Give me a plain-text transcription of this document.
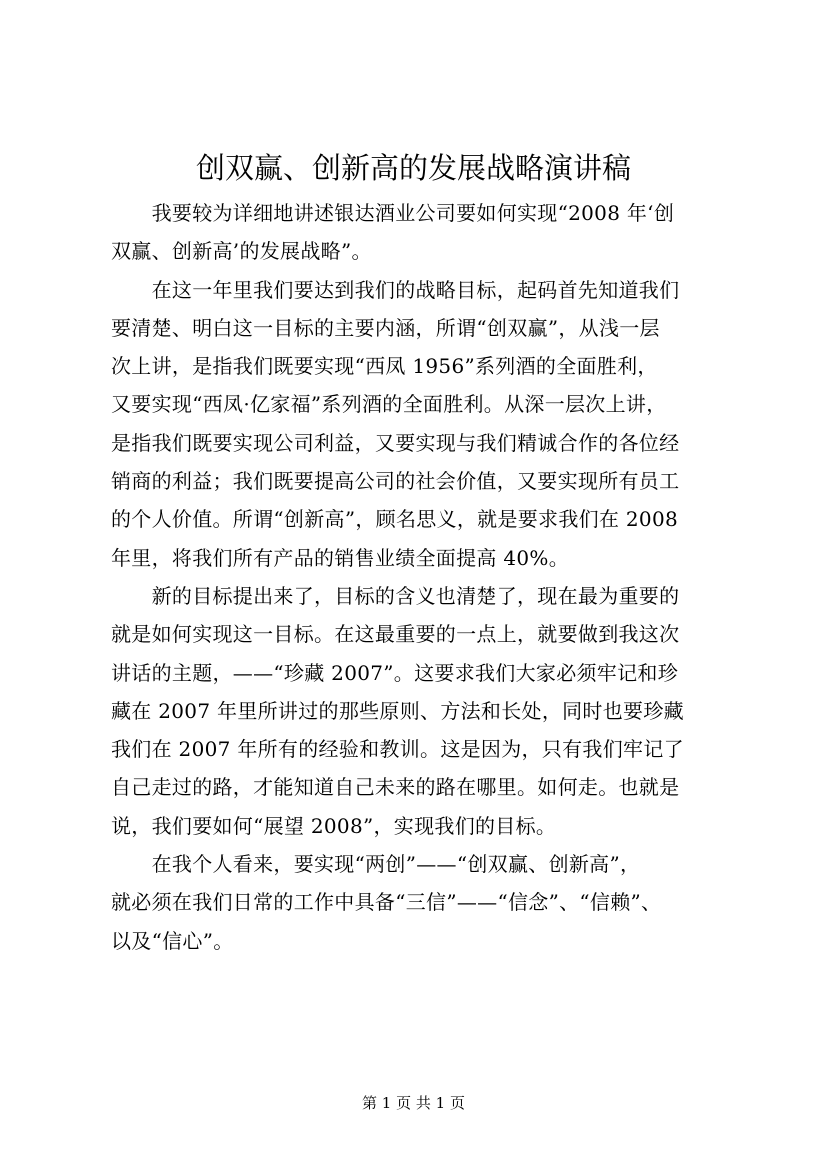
创双赢、创新高的发展战略演讲稿

　　我要较为详细地讲述银达酒业公司要如何实现“2008 年‘创
双赢、创新高’的发展战略”。

　　在这一年里我们要达到我们的战略目标，起码首先知道我们
要清楚、明白这一目标的主要内涵，所谓“创双赢”，从浅一层
次上讲，是指我们既要实现“西凤 1956”系列酒的全面胜利，
又要实现“西凤·亿家福”系列酒的全面胜利。从深一层次上讲，
是指我们既要实现公司利益，又要实现与我们精诚合作的各位经
销商的利益；我们既要提高公司的社会价值，又要实现所有员工
的个人价值。所谓“创新高”，顾名思义，就是要求我们在 2008
年里，将我们所有产品的销售业绩全面提高 40%。

　　新的目标提出来了，目标的含义也清楚了，现在最为重要的
就是如何实现这一目标。在这最重要的一点上，就要做到我这次
讲话的主题，——“珍藏 2007”。这要求我们大家必须牢记和珍
藏在 2007 年里所讲过的那些原则、方法和长处，同时也要珍藏
我们在 2007 年所有的经验和教训。这是因为，只有我们牢记了
自己走过的路，才能知道自己未来的路在哪里。如何走。也就是
说，我们要如何“展望 2008”，实现我们的目标。

　　在我个人看来，要实现“两创”——“创双赢、创新高”，
就必须在我们日常的工作中具备“三信”——“信念”、“信赖”、
以及“信心”。

第 1 页 共 1 页
